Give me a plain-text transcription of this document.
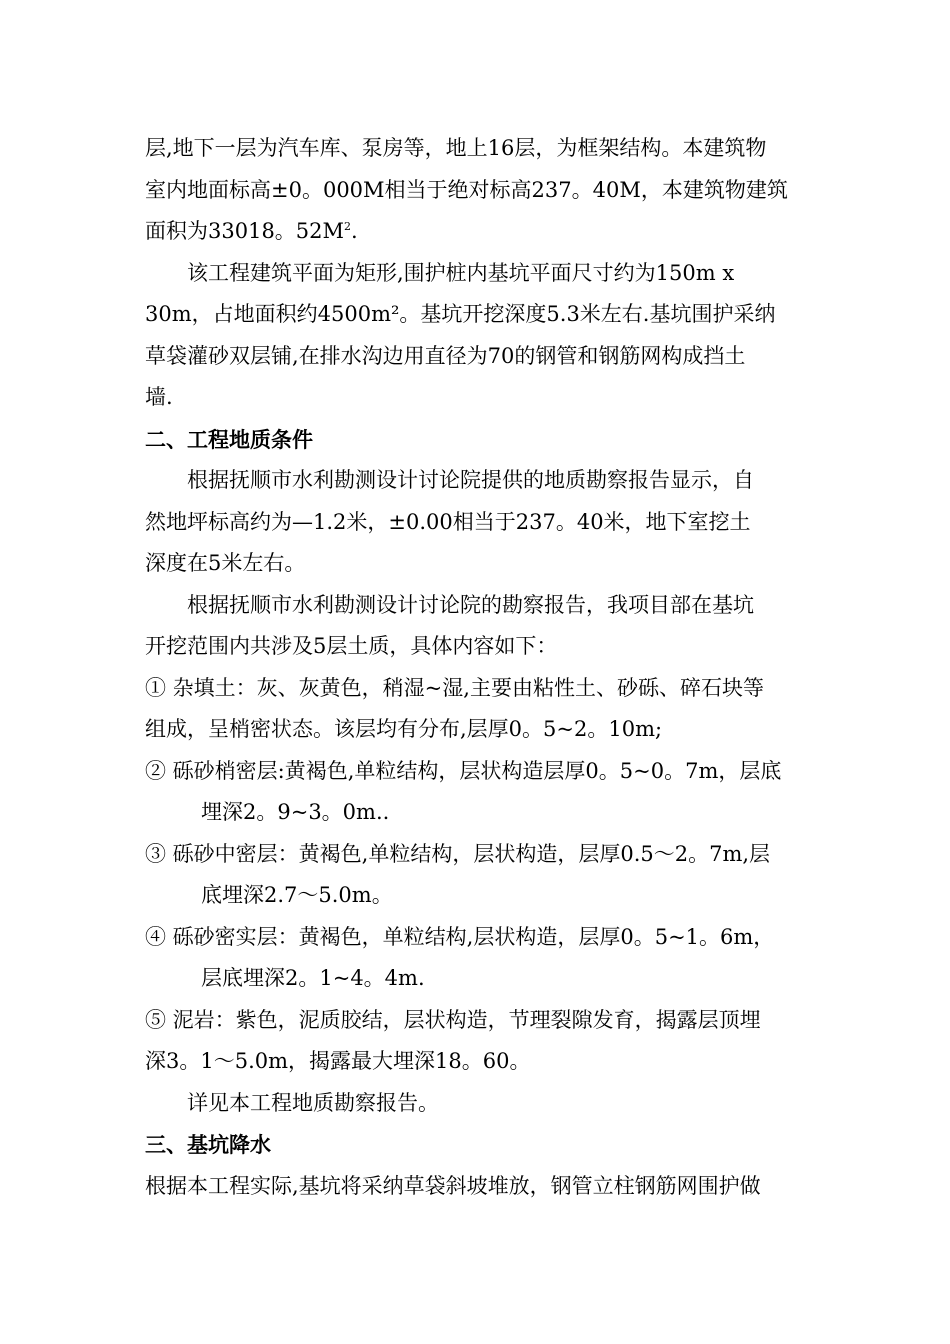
层,地下一层为汽车库、泵房等，地上16层，为框架结构。本建筑物
室内地面标高±0。000M相当于绝对标高237。40M，本建筑物建筑
面积为33018。$52M^2$.
该工程建筑平面为矩形,围护桩内基坑平面尺寸约为150m x
30m，占地面积约4500m²。基坑开挖深度5.3米左右.基坑围护采纳
草袋灌砂双层铺,在排水沟边用直径为70的钢管和钢筋网构成挡土
墙.
二、工程地质条件
根据抚顺市水利勘测设计讨论院提供的地质勘察报告显示，自
然地坪标高约为—1.2米，±0.00相当于237。40米，地下室挖土
深度在5米左右。
根据抚顺市水利勘测设计讨论院的勘察报告，我项目部在基坑
开挖范围内共涉及5层土质，具体内容如下：
① 杂填土：灰、灰黄色，稍湿~湿,主要由粘性土、砂砾、碎石块等
组成，呈梢密状态。该层均有分布,层厚0。5~2。10m;
② 砾砂梢密层:黄褐色,单粒结构，层状构造层厚0。5~0。7m，层底
埋深2。9~3。0m..
③ 砾砂中密层：黄褐色,单粒结构，层状构造，层厚0.5～2。7m,层
底埋深2.7～5.0m。
④ 砾砂密实层：黄褐色，单粒结构,层状构造，层厚0。5~1。6m，
层底埋深2。1~4。4m.
⑤ 泥岩：紫色，泥质胶结，层状构造，节理裂隙发育，揭露层顶埋
深3。1～5.0m，揭露最大埋深18。60。
详见本工程地质勘察报告。
三、基坑降水
根据本工程实际,基坑将采纳草袋斜坡堆放，钢管立柱钢筋网围护做
